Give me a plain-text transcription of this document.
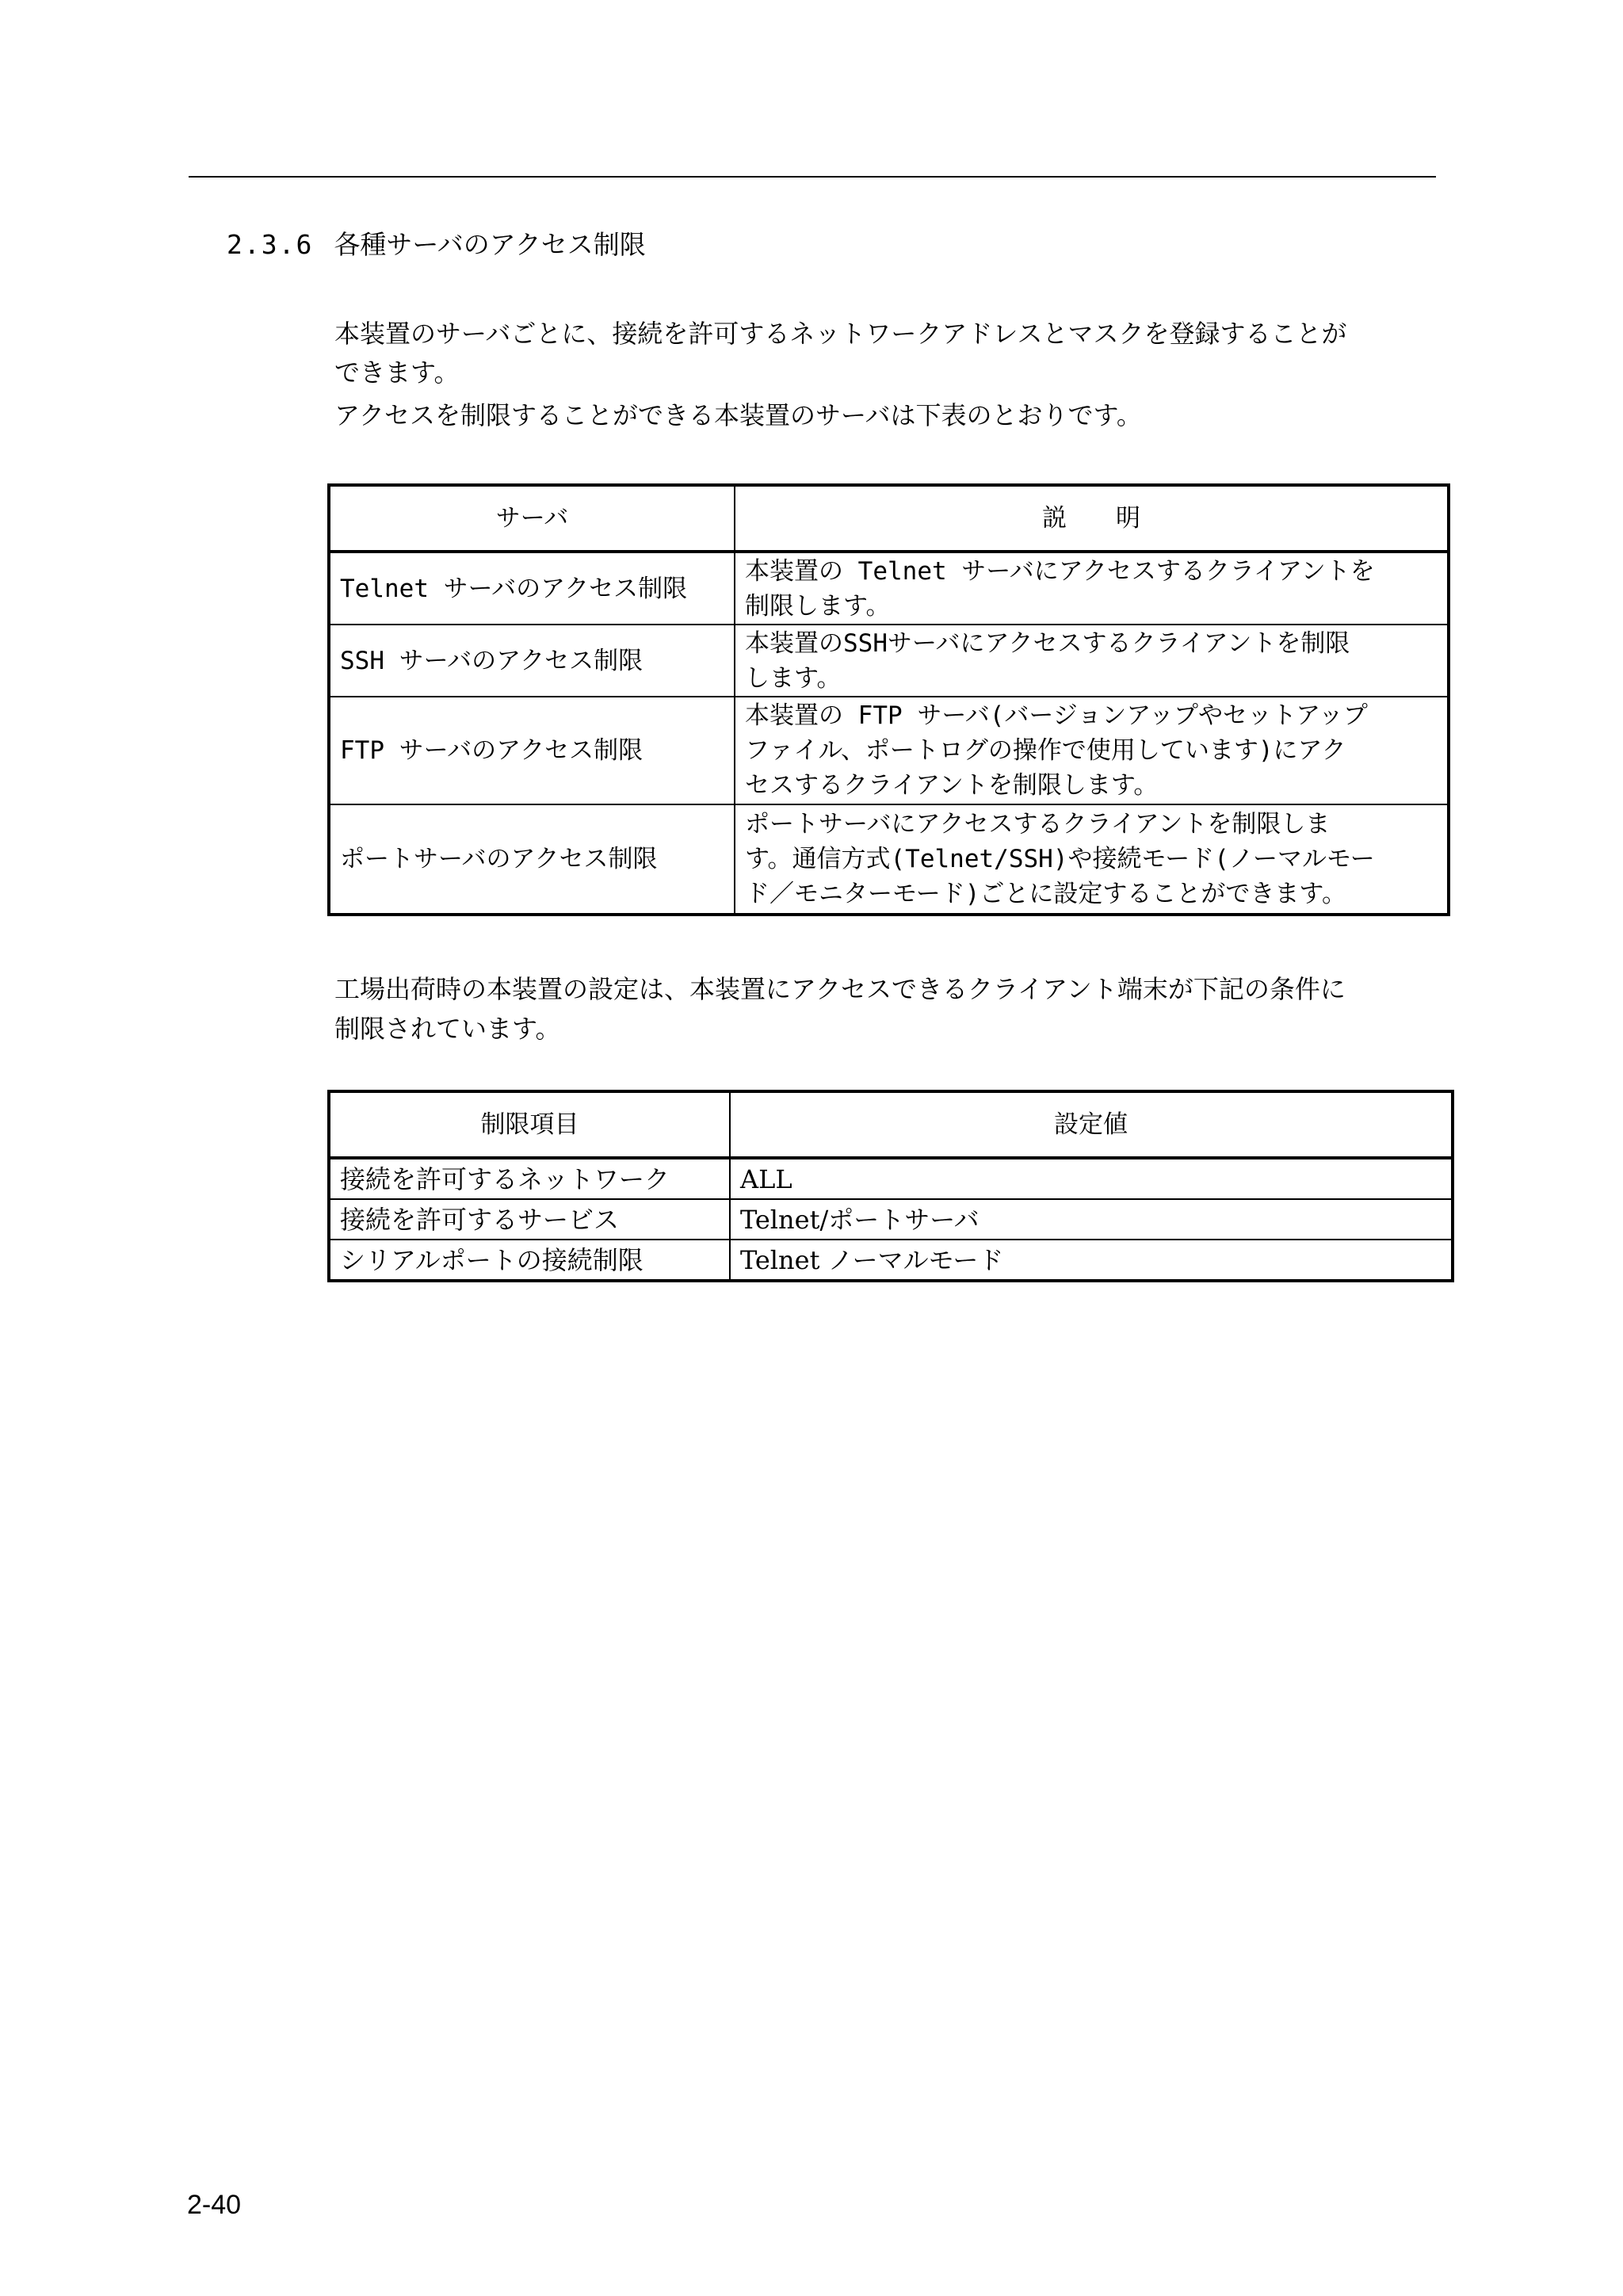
2.3.6 各種サーバのアクセス制限
本装置のサーバごとに、接続を許可するネットワークアドレスとマスクを登録することが
できます。
アクセスを制限することができる本装置のサーバは下表のとおりです。
サーバ	説　　明
Telnet サーバのアクセス制限	本装置の Telnet サーバにアクセスするクライアントを
制限します。

SSH サーバのアクセス制限	本装置のSSHサーバにアクセスするクライアントを制限
します。

FTP サーバのアクセス制限	本装置の FTP サーバ(バージョンアップやセットアップ
ファイル、ポートログの操作で使用しています)にアク
セスするクライアントを制限します。

ポートサーバのアクセス制限	ポートサーバにアクセスするクライアントを制限しま
す。通信方式(Telnet/SSH)や接続モード(ノーマルモー
ド／モニターモード)ごとに設定することができます。
工場出荷時の本装置の設定は、本装置にアクセスできるクライアント端末が下記の条件に
制限されています。
制限項目	設定値
接続を許可するネットワーク	ALL
接続を許可するサービス	Telnet/ポートサーバ
シリアルポートの接続制限	Telnet ノーマルモード
2-40
